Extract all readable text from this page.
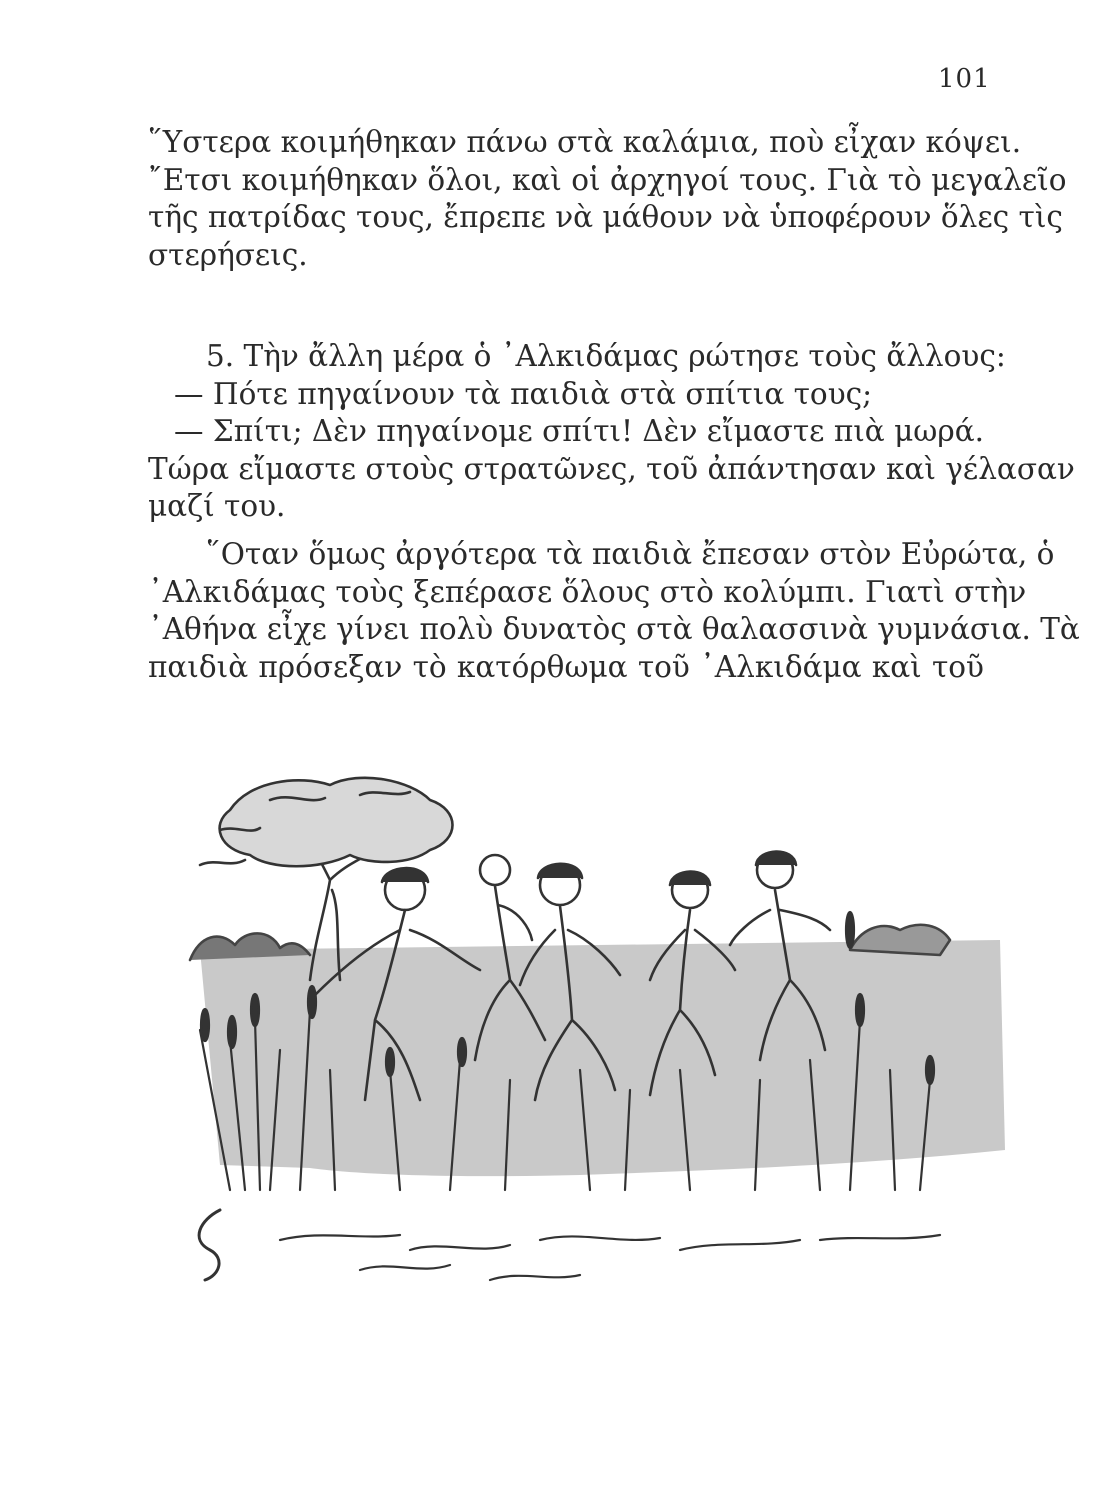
101
῞Υστερα κοιμήθηκαν πάνω στὰ καλάμια, ποὺ εἶχαν κόψει.
῎Ετσι κοιμήθηκαν ὅλοι, καὶ οἱ ἀρχηγοί τους. Γιὰ τὸ μεγαλεῖο
τῆς πατρίδας τους, ἔπρεπε νὰ μάθουν νὰ ὑποφέρουν ὅλες τὶς
στερήσεις.
5. Τὴν ἄλλη μέρα ὁ ᾿Αλκιδάμας ρώτησε τοὺς ἄλλους:
— Πότε πηγαίνουν τὰ παιδιὰ στὰ σπίτια τους;
— Σπίτι; Δὲν πηγαίνομε σπίτι! Δὲν εἴμαστε πιὰ μωρά.
Τώρα εἴμαστε στοὺς στρατῶνες, τοῦ ἀπάντησαν καὶ γέλασαν
μαζί του.
῞Οταν ὅμως ἀργότερα τὰ παιδιὰ ἔπεσαν στὸν Εὐρώτα, ὁ
᾿Αλκιδάμας τοὺς ξεπέρασε ὅλους στὸ κολύμπι. Γιατὶ στὴν
᾿Αθήνα εἶχε γίνει πολὺ δυνατὸς στὰ θαλασσινὰ γυμνάσια. Τὰ
παιδιὰ πρόσεξαν τὸ κατόρθωμα τοῦ ᾿Αλκιδάμα καὶ τοῦ
